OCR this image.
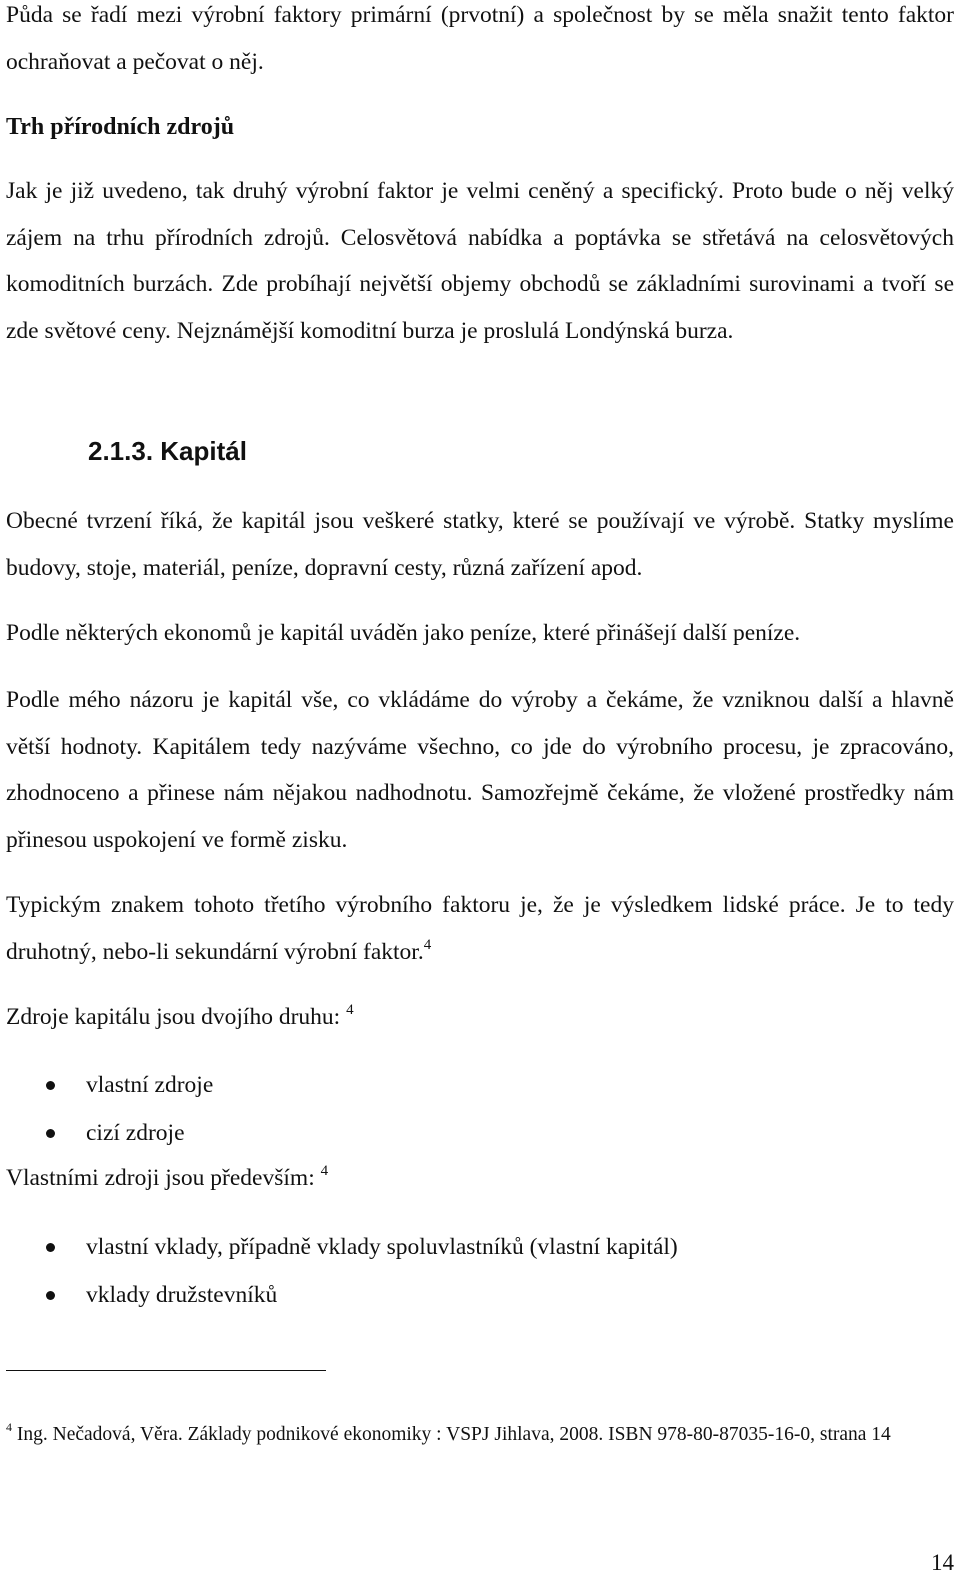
Půda se řadí mezi výrobní faktory primární (prvotní) a společnost by se měla snažit tento faktor ochraňovat a pečovat o něj.

Trh přírodních zdrojů

Jak je již uvedeno, tak druhý výrobní faktor je velmi ceněný a specifický. Proto bude o něj velký zájem na trhu přírodních zdrojů. Celosvětová nabídka a poptávka se střetává na celosvětových komoditních burzách. Zde probíhají největší objemy obchodů se základními surovinami a tvoří se zde světové ceny. Nejznámější komoditní burza je proslulá Londýnská burza.

2.1.3. Kapitál

Obecné tvrzení říká, že kapitál jsou veškeré statky, které se používají ve výrobě. Statky myslíme budovy, stoje, materiál, peníze, dopravní cesty, různá zařízení apod.

Podle některých ekonomů je kapitál uváděn jako peníze, které přinášejí další peníze.

Podle mého názoru je kapitál vše, co vkládáme do výroby a čekáme, že vzniknou další a hlavně větší hodnoty. Kapitálem tedy nazýváme všechno, co jde do výrobního procesu, je zpracováno, zhodnoceno a přinese nám nějakou nadhodnotu. Samozřejmě čekáme, že vložené prostředky nám přinesou uspokojení ve formě zisku.

Typickým znakem tohoto třetího výrobního faktoru je, že je výsledkem lidské práce. Je to tedy druhotný, nebo-li sekundární výrobní faktor.$^4$

Zdroje kapitálu jsou dvojího druhu: $^4$

vlastní zdroje
cizí zdroje

Vlastními zdroji jsou především: $^4$

vlastní vklady, případně vklady spoluvlastníků (vlastní kapitál)
vklady družstevníků

$^4$ Ing. Nečadová, Věra. Základy podnikové ekonomiky : VSPJ Jihlava, 2008. ISBN 978-80-87035-16-0, strana 14

14
